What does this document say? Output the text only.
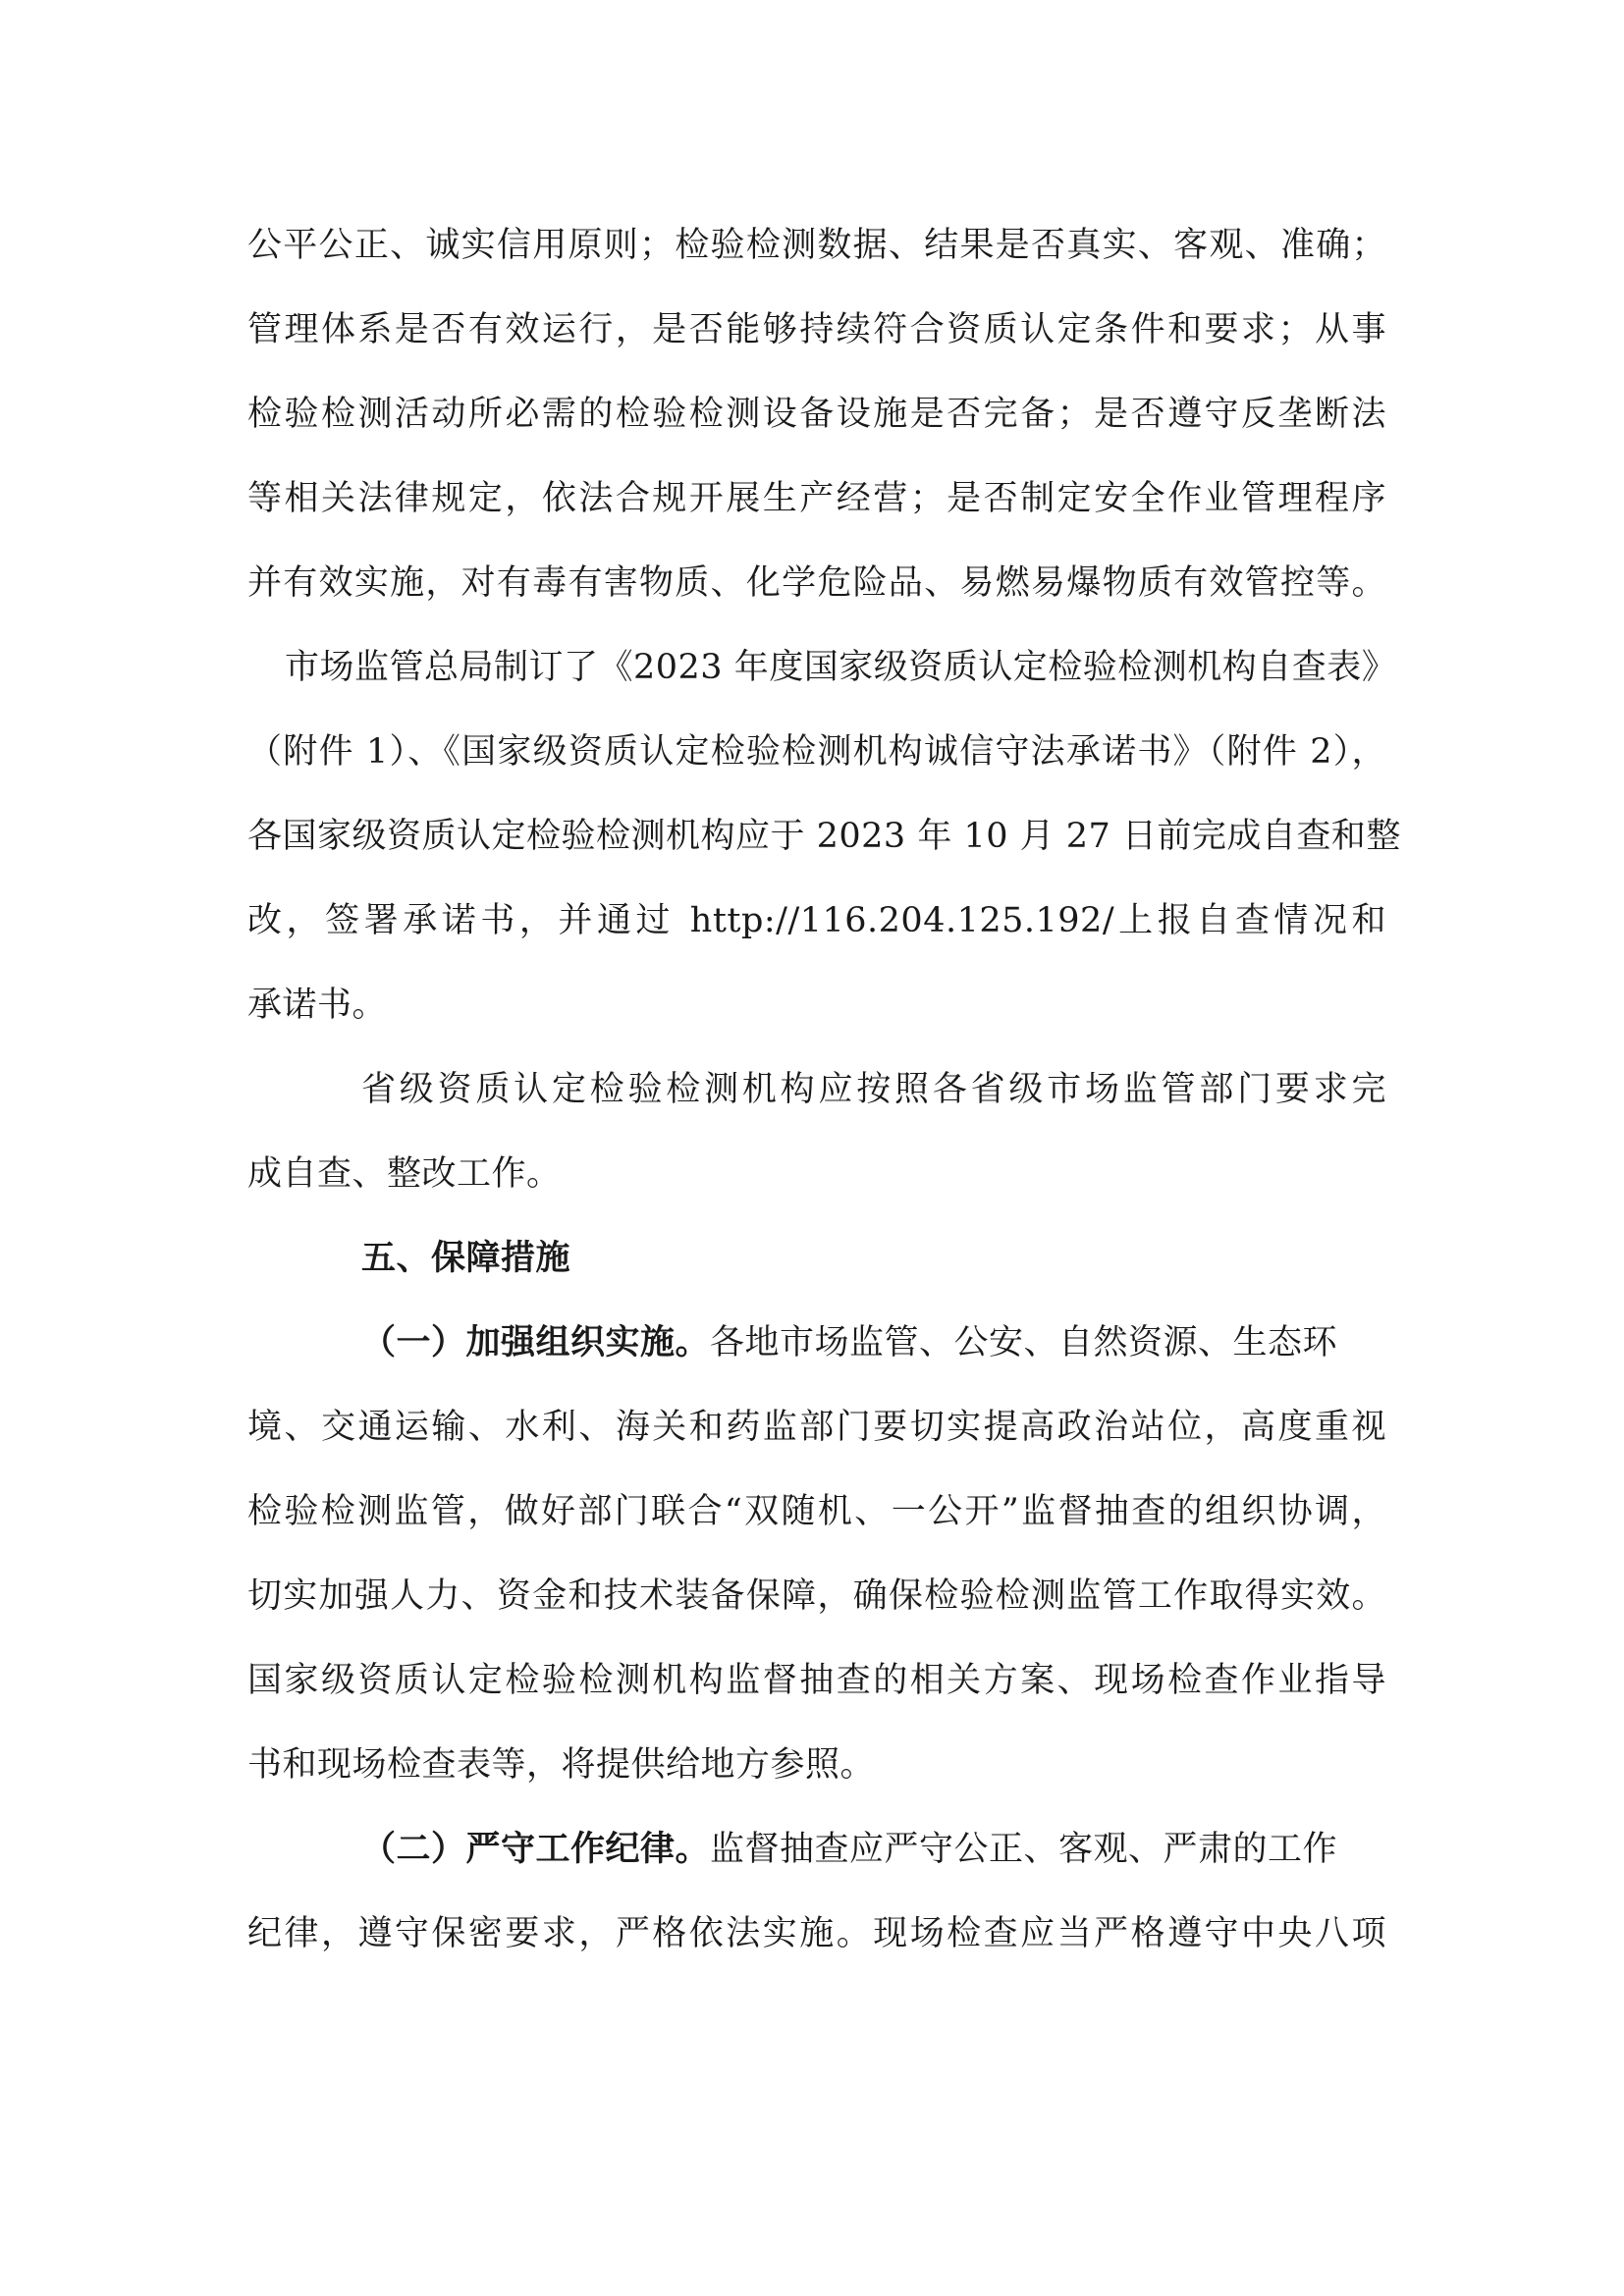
公平公正、诚实信用原则；检验检测数据、结果是否真实、客观、准确；
管理体系是否有效运行，是否能够持续符合资质认定条件和要求；从事
检验检测活动所必需的检验检测设备设施是否完备；是否遵守反垄断法
等相关法律规定，依法合规开展生产经营；是否制定安全作业管理程序
并有效实施，对有毒有害物质、化学危险品、易燃易爆物质有效管控等。
市场监管总局制订了《2023 年度国家级资质认定检验检测机构自查表》
（附件 1）、《国家级资质认定检验检测机构诚信守法承诺书》（附件 2），
各国家级资质认定检验检测机构应于 2023 年 10 月 27 日前完成自查和整
改，签署承诺书，并通过 http://116.204.125.192/上报自查情况和
承诺书。
省级资质认定检验检测机构应按照各省级市场监管部门要求完
成自查、整改工作。
五、保障措施
（一）加强组织实施。各地市场监管、公安、自然资源、生态环
境、交通运输、水利、海关和药监部门要切实提高政治站位，高度重视
检验检测监管，做好部门联合“双随机、一公开”监督抽查的组织协调，
切实加强人力、资金和技术装备保障，确保检验检测监管工作取得实效。
国家级资质认定检验检测机构监督抽查的相关方案、现场检查作业指导
书和现场检查表等，将提供给地方参照。
（二）严守工作纪律。监督抽查应严守公正、客观、严肃的工作
纪律，遵守保密要求，严格依法实施。现场检查应当严格遵守中央八项
